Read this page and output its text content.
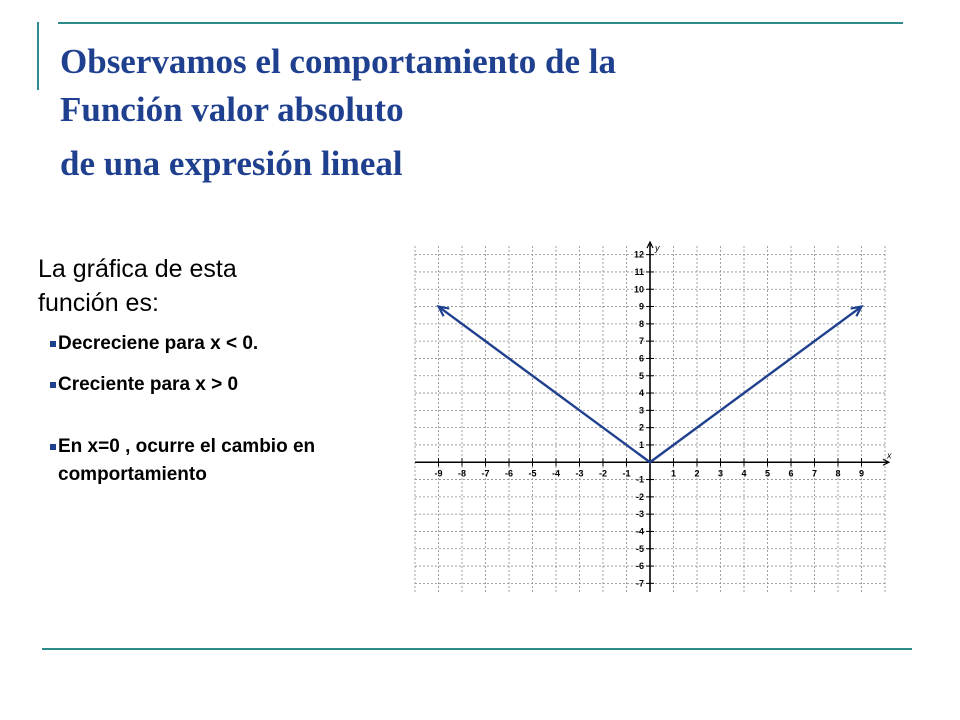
Observamos el comportamiento de la
Función valor absoluto
de una expresión lineal
La gráfica de esta
función es:
Decreciene para x < 0.
Creciente para x > 0
En x=0 , ocurre el cambio en comportamiento	-9 -8 -7 -6 -5 -4 -3 -2 -1	1 2 3 4 5 6 7 8 9
12
11
10
9
8
7
6
5
4
3
2
1
-1
-2
-3
-4
-5
-6
-7
x
y
